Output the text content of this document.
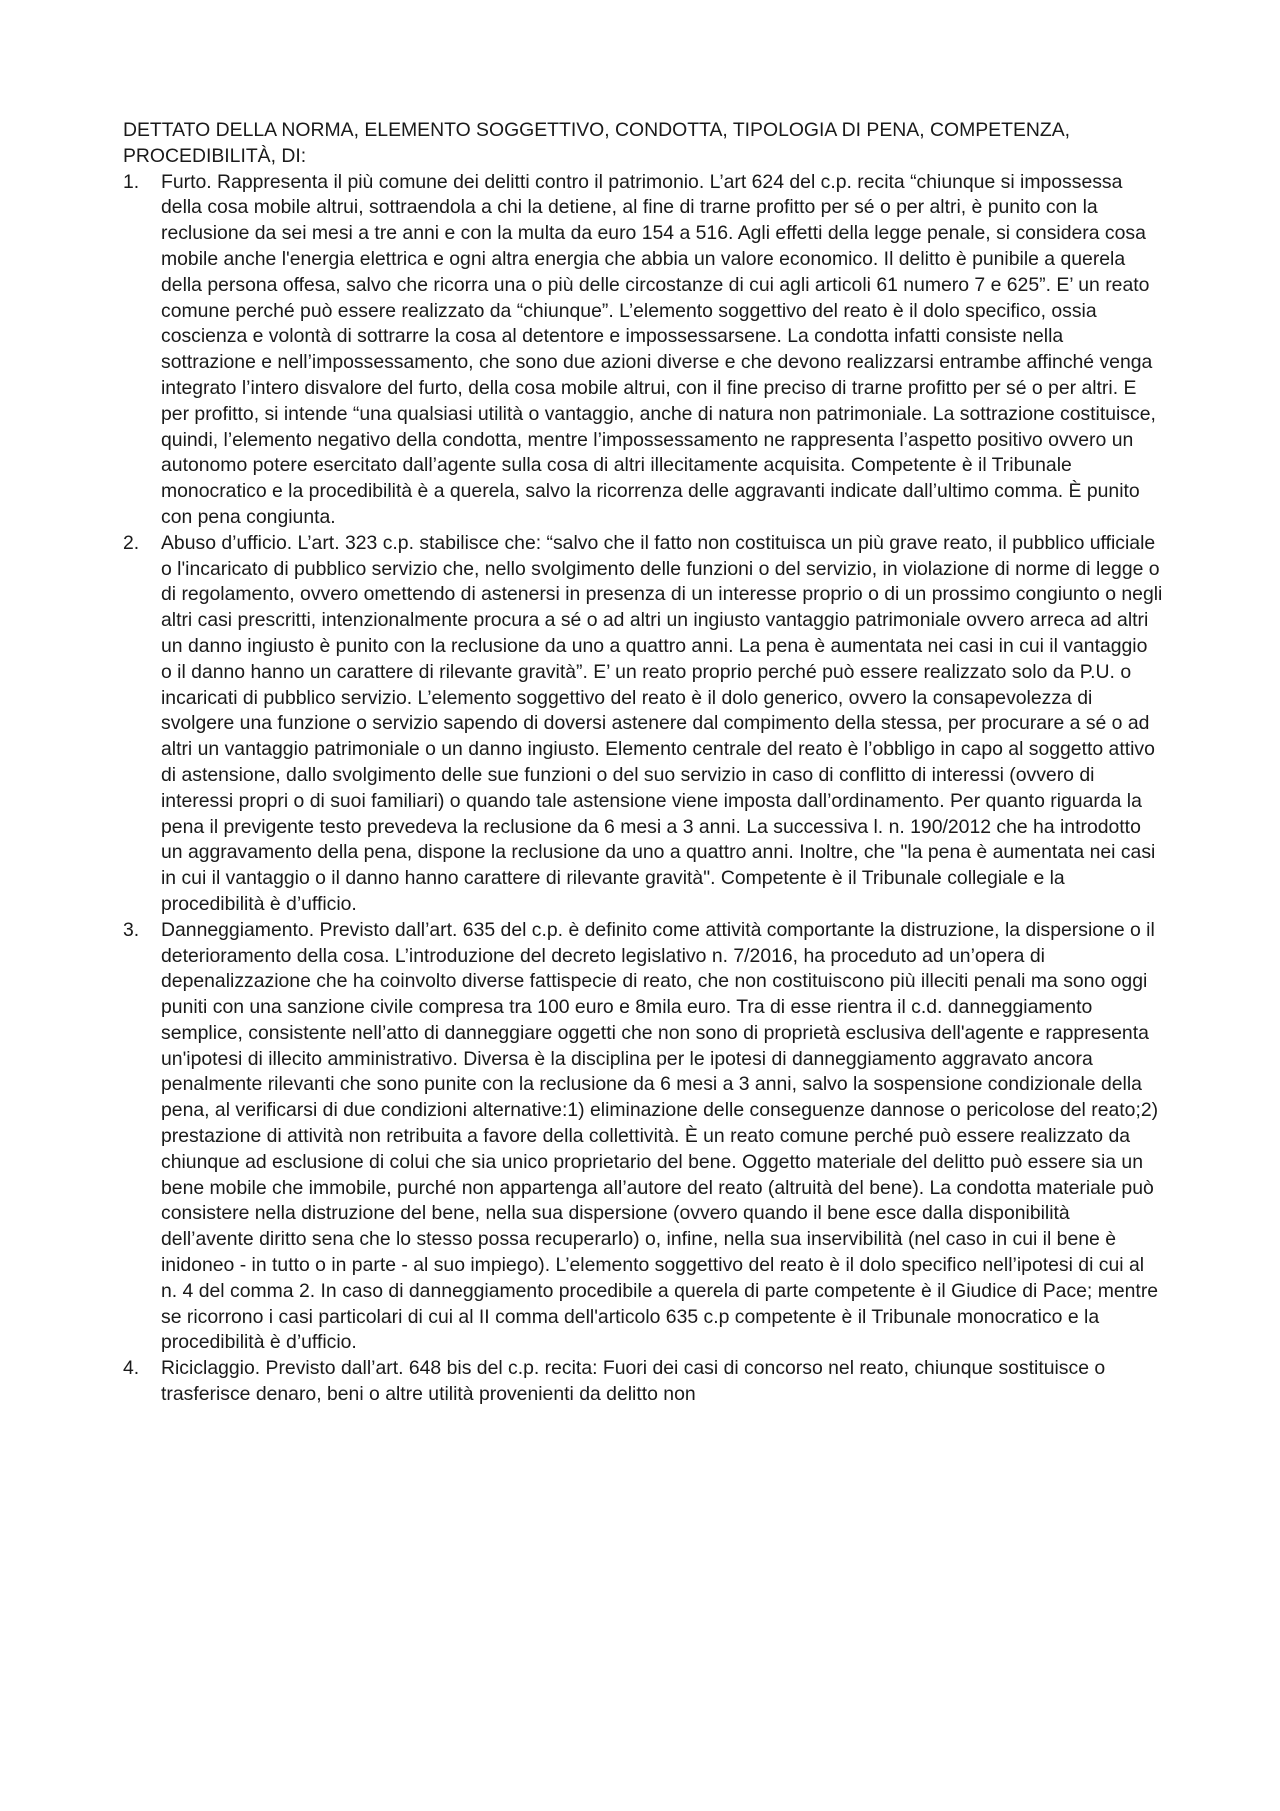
DETTATO DELLA NORMA, ELEMENTO SOGGETTIVO, CONDOTTA, TIPOLOGIA DI PENA, COMPETENZA, PROCEDIBILITÀ, DI:

1. Furto. Rappresenta il più comune dei delitti contro il patrimonio. L’art 624 del c.p. recita “chiunque si impossessa della cosa mobile altrui, sottraendola a chi la detiene, al fine di trarne profitto per sé o per altri, è punito con la reclusione da sei mesi a tre anni e con la multa da euro 154 a 516. Agli effetti della legge penale, si considera cosa mobile anche l'energia elettrica e ogni altra energia che abbia un valore economico. Il delitto è punibile a querela della persona offesa, salvo che ricorra una o più delle circostanze di cui agli articoli 61 numero 7 e 625”. E’ un reato comune perché può essere realizzato da “chiunque”. L’elemento soggettivo del reato è il dolo specifico, ossia coscienza e volontà di sottrarre la cosa al detentore e impossessarsene. La condotta infatti consiste nella sottrazione e nell’impossessamento, che sono due azioni diverse e che devono realizzarsi entrambe affinché venga integrato l’intero disvalore del furto, della cosa mobile altrui, con il fine preciso di trarne profitto per sé o per altri. E per profitto, si intende “una qualsiasi utilità o vantaggio, anche di natura non patrimoniale. La sottrazione costituisce, quindi, l’elemento negativo della condotta, mentre l’impossessamento ne rappresenta l’aspetto positivo ovvero un autonomo potere esercitato dall’agente sulla cosa di altri illecitamente acquisita. Competente è il Tribunale monocratico e la procedibilità è a querela, salvo la ricorrenza delle aggravanti indicate dall’ultimo comma. È punito con pena congiunta.

2. Abuso d’ufficio. L’art. 323 c.p. stabilisce che: “salvo che il fatto non costituisca un più grave reato, il pubblico ufficiale o l'incaricato di pubblico servizio che, nello svolgimento delle funzioni o del servizio, in violazione di norme di legge o di regolamento, ovvero omettendo di astenersi in presenza di un interesse proprio o di un prossimo congiunto o negli altri casi prescritti, intenzionalmente procura a sé o ad altri un ingiusto vantaggio patrimoniale ovvero arreca ad altri un danno ingiusto è punito con la reclusione da uno a quattro anni. La pena è aumentata nei casi in cui il vantaggio o il danno hanno un carattere di rilevante gravità”. E’ un reato proprio perché può essere realizzato solo da P.U. o incaricati di pubblico servizio. L’elemento soggettivo del reato è il dolo generico, ovvero la consapevolezza di svolgere una funzione o servizio sapendo di doversi astenere dal compimento della stessa, per procurare a sé o ad altri un vantaggio patrimoniale o un danno ingiusto. Elemento centrale del reato è l’obbligo in capo al soggetto attivo di astensione, dallo svolgimento delle sue funzioni o del suo servizio in caso di conflitto di interessi (ovvero di interessi propri o di suoi familiari) o quando tale astensione viene imposta dall’ordinamento. Per quanto riguarda la pena il previgente testo prevedeva la reclusione da 6 mesi a 3 anni. La successiva l. n. 190/2012 che ha introdotto un aggravamento della pena, dispone la reclusione da uno a quattro anni. Inoltre, che "la pena è aumentata nei casi in cui il vantaggio o il danno hanno carattere di rilevante gravità". Competente è il Tribunale collegiale e la procedibilità è d’ufficio.

3. Danneggiamento. Previsto dall’art. 635 del c.p. è definito come attività comportante la distruzione, la dispersione o il deterioramento della cosa. L’introduzione del decreto legislativo n. 7/2016, ha proceduto ad un’opera di depenalizzazione che ha coinvolto diverse fattispecie di reato, che non costituiscono più illeciti penali ma sono oggi puniti con una sanzione civile compresa tra 100 euro e 8mila euro. Tra di esse rientra il c.d. danneggiamento semplice, consistente nell’atto di danneggiare oggetti che non sono di proprietà esclusiva dell'agente e rappresenta un'ipotesi di illecito amministrativo. Diversa è la disciplina per le ipotesi di danneggiamento aggravato ancora penalmente rilevanti che sono punite con la reclusione da 6 mesi a 3 anni, salvo la sospensione condizionale della pena, al verificarsi di due condizioni alternative:1) eliminazione delle conseguenze dannose o pericolose del reato;2) prestazione di attività non retribuita a favore della collettività. È un reato comune perché può essere realizzato da chiunque ad esclusione di colui che sia unico proprietario del bene. Oggetto materiale del delitto può essere sia un bene mobile che immobile, purché non appartenga all’autore del reato (altruità del bene). La condotta materiale può consistere nella distruzione del bene, nella sua dispersione (ovvero quando il bene esce dalla disponibilità dell’avente diritto sena che lo stesso possa recuperarlo) o, infine, nella sua inservibilità (nel caso in cui il bene è inidoneo - in tutto o in parte - al suo impiego). L’elemento soggettivo del reato è il dolo specifico nell’ipotesi di cui al n. 4 del comma 2. In caso di danneggiamento procedibile a querela di parte competente è il Giudice di Pace; mentre se ricorrono i casi particolari di cui al II comma dell'articolo 635 c.p competente è il Tribunale monocratico e la procedibilità è d’ufficio.

4. Riciclaggio. Previsto dall’art. 648 bis del c.p. recita: Fuori dei casi di concorso nel reato, chiunque sostituisce o trasferisce denaro, beni o altre utilità provenienti da delitto non
